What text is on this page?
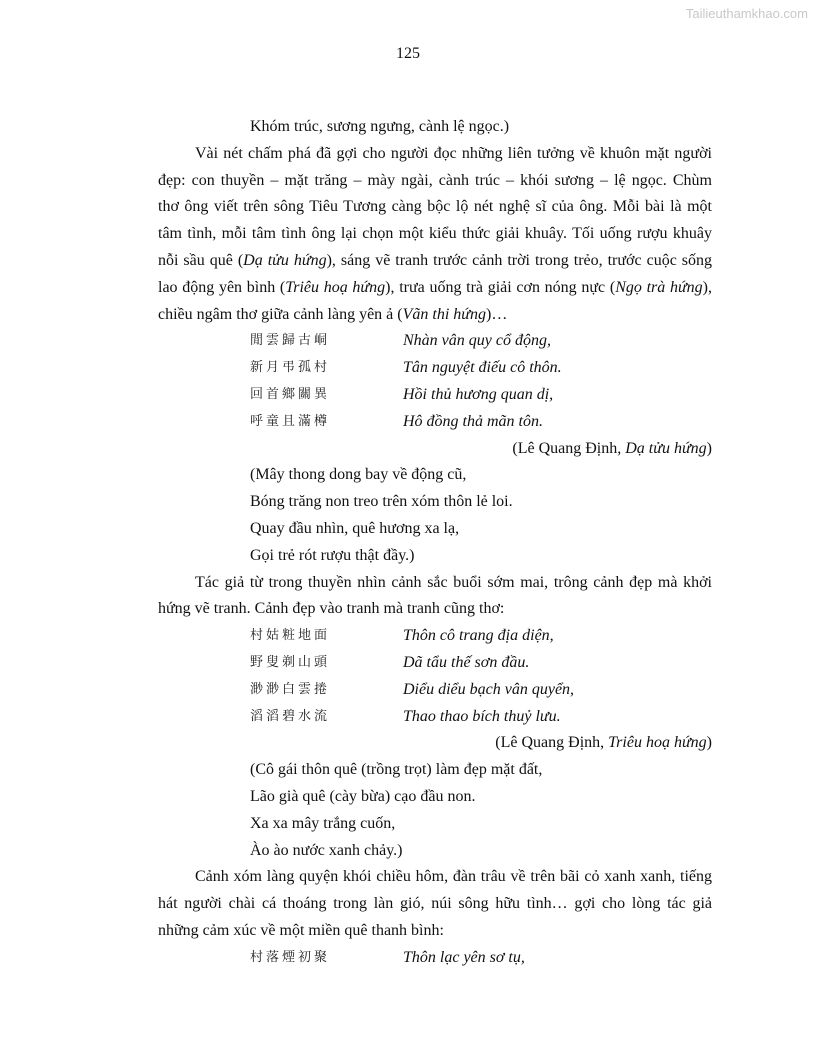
Tailieuthamkhao.com
125
Khóm trúc, sương ngưng, cành lệ ngọc.)
Vài nét chấm phá đã gợi cho người đọc những liên tưởng về khuôn mặt người
đẹp: con thuyền – mặt trăng – mày ngài, cành trúc – khói sương – lệ ngọc. Chùm
thơ ông viết trên sông Tiêu Tương càng bộc lộ nét nghệ sĩ của ông. Mỗi bài là một
tâm tình, mỗi tâm tình ông lại chọn một kiểu thức giải khuây. Tối uống rượu khuây
nỗi sầu quê (Dạ tửu hứng), sáng vẽ tranh trước cảnh trời trong trẻo, trước cuộc sống
lao động yên bình (Triêu hoạ hứng), trưa uống trà giải cơn nóng nực (Ngọ trà hứng),
chiều ngâm thơ giữa cảnh làng yên ả (Vãn thi hứng)…
閒雲歸古峒	Nhàn vân quy cổ động,
新月弔孤村	Tân nguyệt điếu cô thôn.
回首鄉關異	Hồi thủ hương quan dị,
呼童且滿樽	Hô đồng thả mãn tôn.
(Lê Quang Định, Dạ tửu hứng)
(Mây thong dong bay về động cũ,
Bóng trăng non treo trên xóm thôn lẻ loi.
Quay đầu nhìn, quê hương xa lạ,
Gọi trẻ rót rượu thật đầy.)
Tác giả từ trong thuyền nhìn cảnh sắc buổi sớm mai, trông cảnh đẹp mà khởi
hứng vẽ tranh. Cảnh đẹp vào tranh mà tranh cũng thơ:
村姑粧地面	Thôn cô trang địa diện,
野叟剃山頭	Dã tẩu thế sơn đầu.
渺渺白雲捲	Diểu diểu bạch vân quyển,
滔滔碧水流	Thao thao bích thuỷ lưu.
(Lê Quang Định, Triêu hoạ hứng)
(Cô gái thôn quê (trồng trọt) làm đẹp mặt đất,
Lão già quê (cày bừa) cạo đầu non.
Xa xa mây trắng cuốn,
Ào ào nước xanh chảy.)
Cảnh xóm làng quyện khói chiều hôm, đàn trâu về trên bãi cỏ xanh xanh, tiếng
hát người chài cá thoáng trong làn gió, núi sông hữu tình… gợi cho lòng tác giả
những cảm xúc về một miền quê thanh bình:
村落煙初聚	Thôn lạc yên sơ tụ,
